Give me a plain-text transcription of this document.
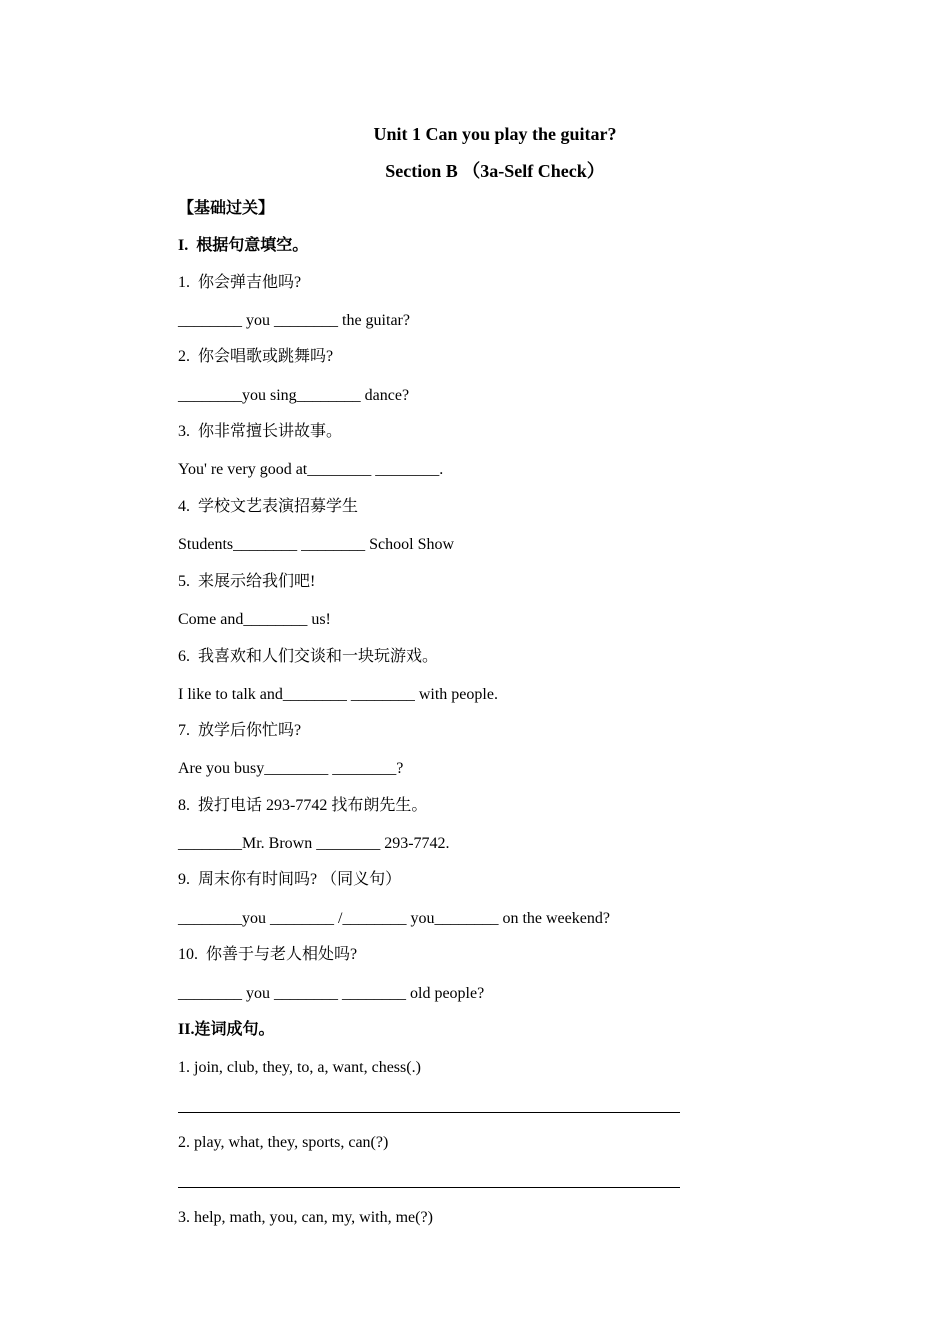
Unit 1 Can you play the guitar?
Section B （3a-Self Check）
【基础过关】
I.  根据句意填空。
1.  你会弹吉他吗?
________ you ________ the guitar?
2.  你会唱歌或跳舞吗?
________you sing________ dance?
3.  你非常擅长讲故事。
You' re very good at________ ________.
4.  学校文艺表演招募学生
Students________ ________ School Show
5.  来展示给我们吧!
Come and________ us!
6.  我喜欢和人们交谈和一块玩游戏。
I like to talk and________ ________ with people.
7.  放学后你忙吗?
Are you busy________ ________?
8.  拨打电话 293-7742 找布朗先生。
________Mr. Brown ________ 293-7742.
9.  周末你有时间吗? （同义句）
________you ________ /________ you________ on the weekend?
10.  你善于与老人相处吗?
________ you ________ ________ old people?
II.连词成句。
1. join, club, they, to, a, want, chess(.)
2. play, what, they, sports, can(?)
3. help, math, you, can, my, with, me(?)
